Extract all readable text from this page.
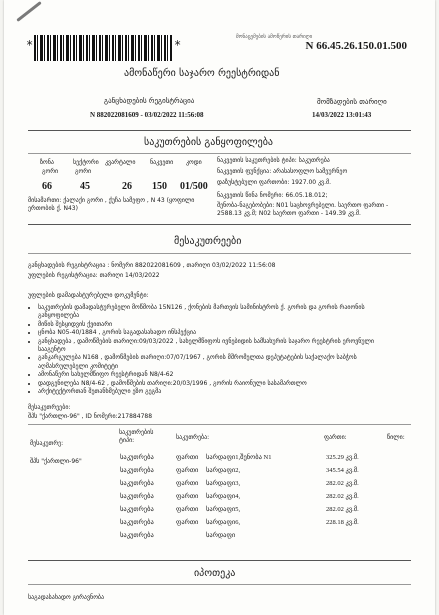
*	*
მონაცემების ამოწერის თარიღი
N 66.45.26.150.01.500
ამონაწერი საჯარო რეესტრიდან
განცხადების რეგისტრაცია
N 882022081609 - 03/02/2022 11:56:08
მომზადების თარიღი
14/03/2022 13:01:43
საკუთრების განყოფილება
ზონა	სექტორი კვარტალი ნაკვეთი კოდი
გორი	გორი
66	45	26 150 01/500
მისამართი: ქალაქი გორი , ქუჩა სამეფო , N 43 (ყოფილი ერთობის ქ. N43)
ნაკვეთის საკუთრების ტიპი: საკუთრება
ნაკვეთის ფუნქცია: არასასოფლო სამეურნეო
დაზუსტებული ფართობი: 1927.00 კვ.მ.
ნაკვეთის წინა ნომერი: 66.05.18.012;
შენობა-ნაგებობები: N01 საცხოვრებელი. საერთო ფართი - 2588.13 კვ.მ; N02 საერთო ფართი - 149.39 კვ.მ.
მესაკუთრეები
განცხადების რეგისტრაცია : ნომერი 882022081609 , თარიღი 03/02/2022 11:56:08
უფლების რეგისტრაცია: თარიღი 14/03/2022
უფლების დამადასტურებელი დოკუმენტი:
• საკუთრების დამადასტურებელი მოწმობა 15N126 , ქონების მართვის სამინისტროს ქ. გორის და გორის რაიონის განყოფილება
• მიწის შესყიდვის ქვითარი
• ცნობა N05-40/1884 , გორის საგადასახადო ინსპექცია
• განცხადება , დამოწმების თარიღი:09/03/2022 , სახელმწიფოს ივნებიდის სამსახურის საჯარო რეესტრის ეროვნული სააგენტო
• განკარგულება N168 , დამოწმების თარიღი:07/07/1967 , გორის მშრომელთა დეპუტატების საქალაქო საბჭოს აღმასრულებელი კომიტეტი
• ამონაწერი სახელმწიფო რეესტრიდან N8/4-62
• დადგენილება N8/4-62 , დამოწმების თარიღი:20/03/1996 , გორის რაიონული სასამართლო
• არქიტექტორთან შეთანხმებული ეზო გეგმა
მესაკუთრეები:
შპს "ქართლი-96" , ID ნომერი:217884788
მესაკუთრე:
საკუთრების ტიპი:	საკუთრება:	ფართი:	წილი:
შპს "ქართლი-96"
საკუთრება	ფართი სარდაფი1,შენობა N1	325.29 კვ.მ.
საკუთრება	ფართი სარდაფი2,	345.54 კვ.მ.
საკუთრება	ფართი სარდაფი3,	282.02 კვ.მ.
საკუთრება	ფართი სარდაფი4,	282.02 კვ.მ.
საკუთრება	ფართი სარდაფი5,	282.02 კვ.მ.
საკუთრება	ფართი სარდაფი6,	228.18 კვ.მ.
საკუთრება	სარდაფი
იპოთეკა
საგადასახადო გირავნობა
